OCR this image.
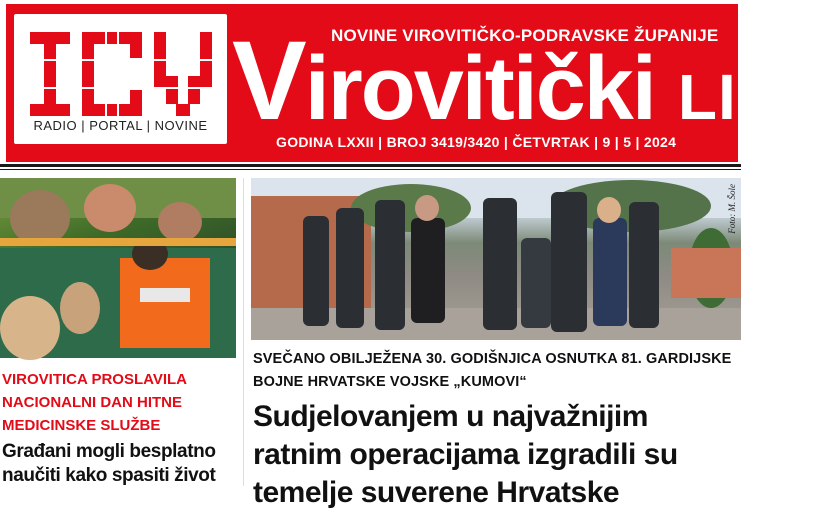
RADIO | PORTAL | NOVINE
NOVINE VIROVITIČKO-PODRAVSKE ŽUPANIJE
Virovitički LIST
GODINA LXXII | BROJ 3419/3420 | ČETVRTAK | 9 | 5 | 2024
Foto: M. Šole
VIROVITICA PROSLAVILA NACIONALNI DAN HITNE MEDICINSKE SLUŽBE
Građani mogli besplatno naučiti kako spasiti život
SVEČANO OBILJEŽENA 30. GODIŠNJICA OSNUTKA 81. GARDIJSKE BOJNE HRVATSKE VOJSKE „KUMOVI“
Sudjelovanjem u najvažnijim ratnim operacijama izgradili su temelje suverene Hrvatske
